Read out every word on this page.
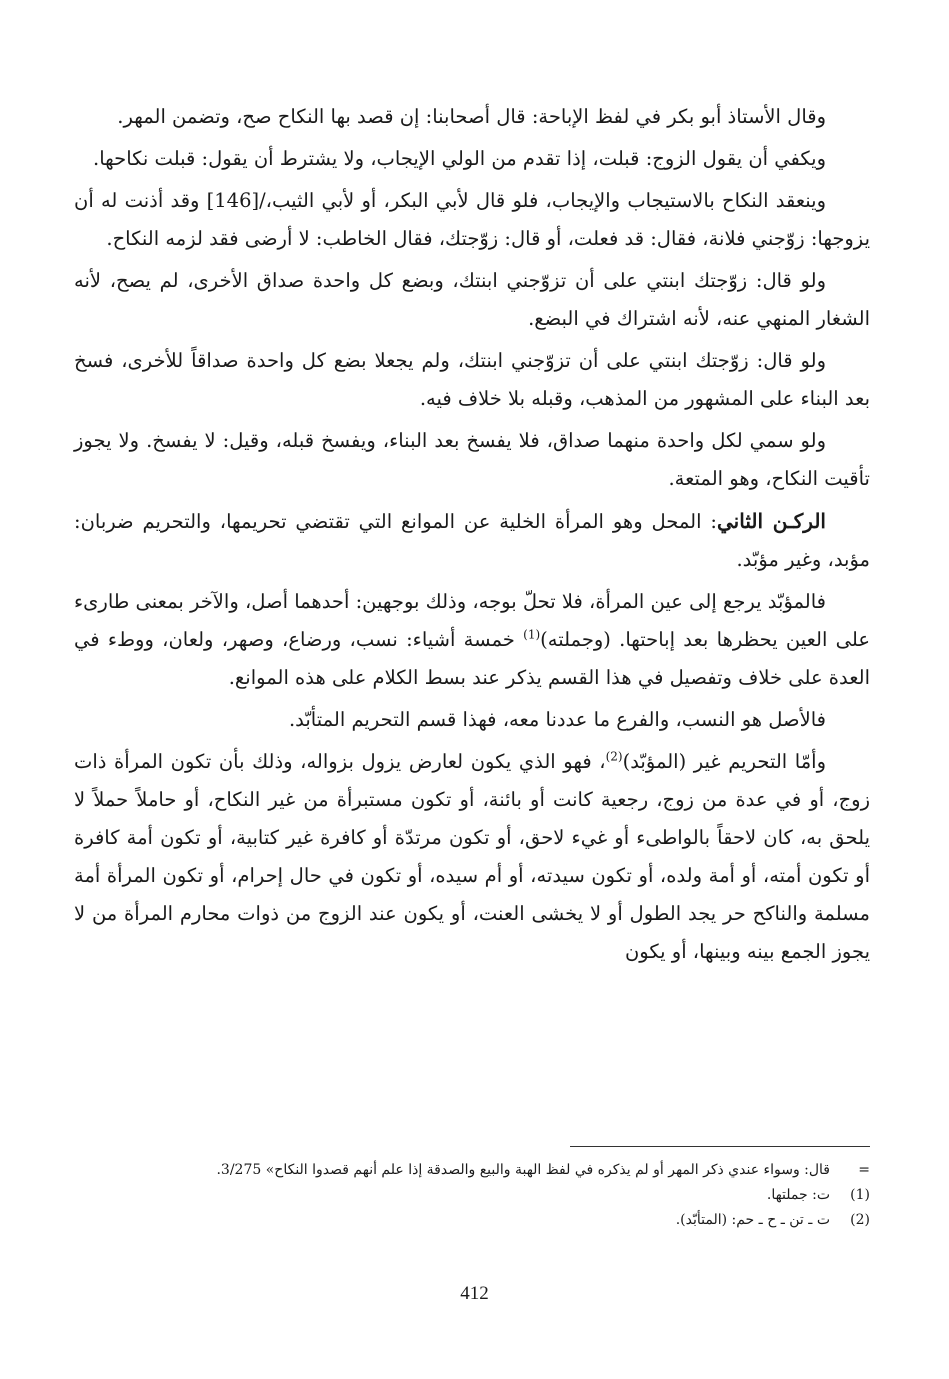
وقال الأستاذ أبو بكر في لفظ الإباحة: قال أصحابنا: إن قصد بها النكاح صح، وتضمن المهر.

ويكفي أن يقول الزوج: قبلت، إذا تقدم من الولي الإيجاب، ولا يشترط أن يقول: قبلت نكاحها.

وينعقد النكاح بالاستيجاب والإيجاب، فلو قال لأبي البكر، أو لأبي الثيب،/[146] وقد أذنت له أن يزوجها: زوّجني فلانة، فقال: قد فعلت، أو قال: زوّجتك، فقال الخاطب: لا أرضى فقد لزمه النكاح.

ولو قال: زوّجتك ابنتي على أن تزوّجني ابنتك، وبضع كل واحدة صداق الأخرى، لم يصح، لأنه الشغار المنهي عنه، لأنه اشتراك في البضع.

ولو قال: زوّجتك ابنتي على أن تزوّجني ابنتك، ولم يجعلا بضع كل واحدة صداقاً للأخرى، فسخ بعد البناء على المشهور من المذهب، وقبله بلا خلاف فيه.

ولو سمي لكل واحدة منهما صداق، فلا يفسخ بعد البناء، ويفسخ قبله، وقيل: لا يفسخ. ولا يجوز تأقيت النكاح، وهو المتعة.

الركـن الثاني: المحل وهو المرأة الخلية عن الموانع التي تقتضي تحريمها، والتحريم ضربان: مؤبد، وغير مؤبّد.

فالمؤبّد يرجع إلى عين المرأة، فلا تحلّ بوجه، وذلك بوجهين: أحدهما أصل، والآخر بمعنى طارىء على العين يحظرها بعد إباحتها. (وجملته)$^{(1)}$ خمسة أشياء: نسب، ورضاع، وصهر، ولعان، ووطء في العدة على خلاف وتفصيل في هذا القسم يذكر عند بسط الكلام على هذه الموانع.

فالأصل هو النسب، والفرع ما عددنا معه، فهذا قسم التحريم المتأبّد.

وأمّا التحريم غير (المؤبّد)$^{(2)}$، فهو الذي يكون لعارض يزول بزواله، وذلك بأن تكون المرأة ذات زوج، أو في عدة من زوج، رجعية كانت أو بائنة، أو تكون مستبرأة من غير النكاح، أو حاملاً حملاً لا يلحق به، كان لاحقاً بالواطىء أو غيء لاحق، أو تكون مرتدّة أو كافرة غير كتابية، أو تكون أمة كافرة أو تكون أمته، أو أمة ولده، أو تكون سيدته، أو أم سيده، أو تكون في حال إحرام، أو تكون المرأة أمة مسلمة والناكح حر يجد الطول أو لا يخشى العنت، أو يكون عند الزوج من ذوات محارم المرأة من لا يجوز الجمع بينه وبينها، أو يكون

=
قال: وسواء عندي ذكر المهر أو لم يذكره في لفظ الهبة والبيع والصدقة إذا علم أنهم قصدوا النكاح» 3/275.
(1)
ت: جملتها.
(2)
ت ـ تن ـ ح ـ حم: (المتأبّد).
412
